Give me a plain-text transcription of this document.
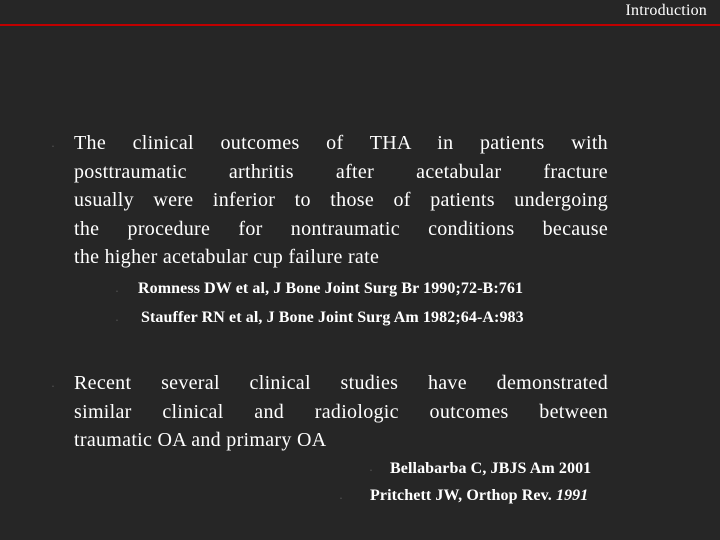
Introduction
· The clinical outcomes of THA in patients with
posttraumatic arthritis after acetabular fracture
usually were inferior to those of patients undergoing
the procedure for nontraumatic conditions because
the higher acetabular cup failure rate
· Romness DW et al, J Bone Joint Surg Br 1990;72-B:761
· Stauffer RN et al, J Bone Joint Surg Am 1982;64-A:983
· Recent several clinical studies have demonstrated
similar clinical and radiologic outcomes between
traumatic OA and primary OA
· Bellabarba C, JBJS Am 2001
· Pritchett JW, Orthop Rev. 1991
